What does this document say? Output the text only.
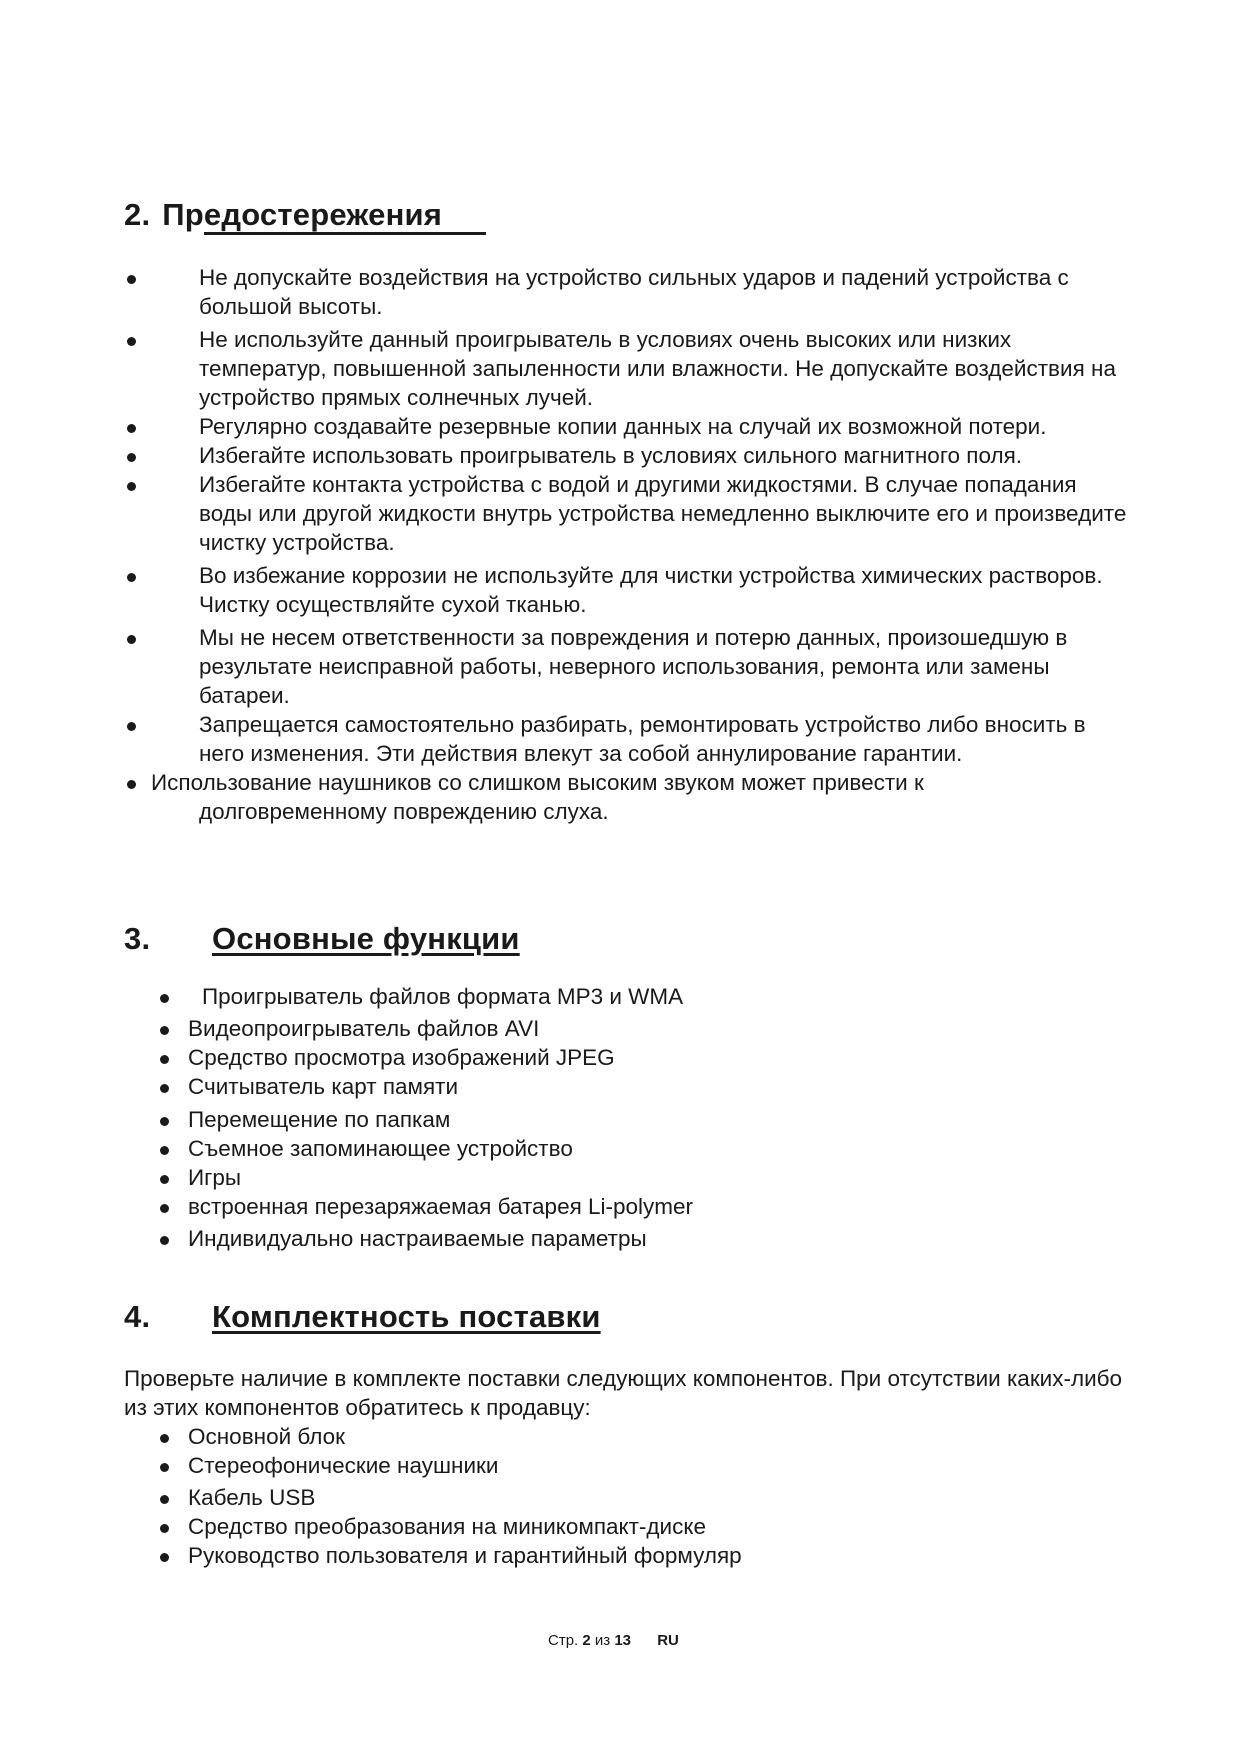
2. Предостережения
Не допускайте воздействия на устройство сильных ударов и падений устройства с большой высоты.
Не используйте данный проигрыватель в условиях очень высоких или низких температур, повышенной запыленности или влажности. Не допускайте воздействия на устройство прямых солнечных лучей.
Регулярно создавайте резервные копии данных на случай их возможной потери.
Избегайте использовать проигрыватель в условиях сильного магнитного поля.
Избегайте контакта устройства с водой и другими жидкостями. В случае попадания воды или другой жидкости внутрь устройства немедленно выключите его и произведите чистку устройства.
Во избежание коррозии не используйте для чистки устройства химических растворов. Чистку осуществляйте сухой тканью.
Мы не несем ответственности за повреждения и потерю данных, произошедшую в результате неисправной работы, неверного использования, ремонта или замены батареи.
Запрещается самостоятельно разбирать, ремонтировать устройство либо вносить в него изменения. Эти действия влекут за собой аннулирование гарантии.
Использование наушников со слишком высоким звуком может привести к
долговременному повреждению слуха.
3. Основные функции
Проигрыватель файлов формата MP3 и WMA
Видеопроигрыватель файлов AVI
Средство просмотра изображений JPEG
Считыватель карт памяти
Перемещение по папкам
Съемное запоминающее устройство
Игры
встроенная перезаряжаемая батарея Li-polymer
Индивидуально настраиваемые параметры
4. Комплектность поставки

Проверьте наличие в комплекте поставки следующих компонентов. При отсутствии каких-либо из этих компонентов обратитесь к продавцу:

Основной блок
Стереофонические наушники
Кабель USB
Средство преобразования на миникомпакт-диске
Руководство пользователя и гарантийный формуляр
Стр. 2 из 13 RU
